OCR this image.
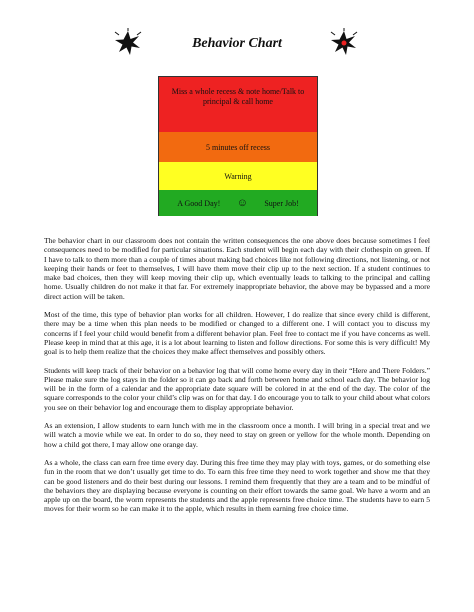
Behavior Chart
Miss a whole recess & note home/Talk to principal & call home
5 minutes off recess
Warning
A Good Day! ☺ Super Job!

The behavior chart in our classroom does not contain the written consequences the one above does because sometimes I feel consequences need to be modified for particular situations. Each student will begin each day with their clothespin on green. If I have to talk to them more than a couple of times about making bad choices like not following directions, not listening, or not keeping their hands or feet to themselves, I will have them move their clip up to the next section. If a student continues to make bad choices, then they will keep moving their clip up, which eventually leads to talking to the principal and calling home. Usually children do not make it that far. For extremely inappropriate behavior, the above may be bypassed and a more direct action will be taken.

Most of the time, this type of behavior plan works for all children. However, I do realize that since every child is different, there may be a time when this plan needs to be modified or changed to a different one. I will contact you to discuss my concerns if I feel your child would benefit from a different behavior plan. Feel free to contact me if you have concerns as well. Please keep in mind that at this age, it is a lot about learning to listen and follow directions. For some this is very difficult! My goal is to help them realize that the choices they make affect themselves and possibly others.

Students will keep track of their behavior on a behavior log that will come home every day in their “Here and There Folders.” Please make sure the log stays in the folder so it can go back and forth between home and school each day. The behavior log will be in the form of a calendar and the appropriate date square will be colored in at the end of the day. The color of the square corresponds to the color your child’s clip was on for that day. I do encourage you to talk to your child about what colors you see on their behavior log and encourage them to display appropriate behavior.

As an extension, I allow students to earn lunch with me in the classroom once a month. I will bring in a special treat and we will watch a movie while we eat. In order to do so, they need to stay on green or yellow for the whole month. Depending on how a child got there, I may allow one orange day.

As a whole, the class can earn free time every day. During this free time they may play with toys, games, or do something else fun in the room that we don’t usually get time to do. To earn this free time they need to work together and show me that they can be good listeners and do their best during our lessons. I remind them frequently that they are a team and to be mindful of the behaviors they are displaying because everyone is counting on their effort towards the same goal. We have a worm and an apple up on the board, the worm represents the students and the apple represents free choice time. The students have to earn 5 moves for their worm so he can make it to the apple, which results in them earning free choice time.
